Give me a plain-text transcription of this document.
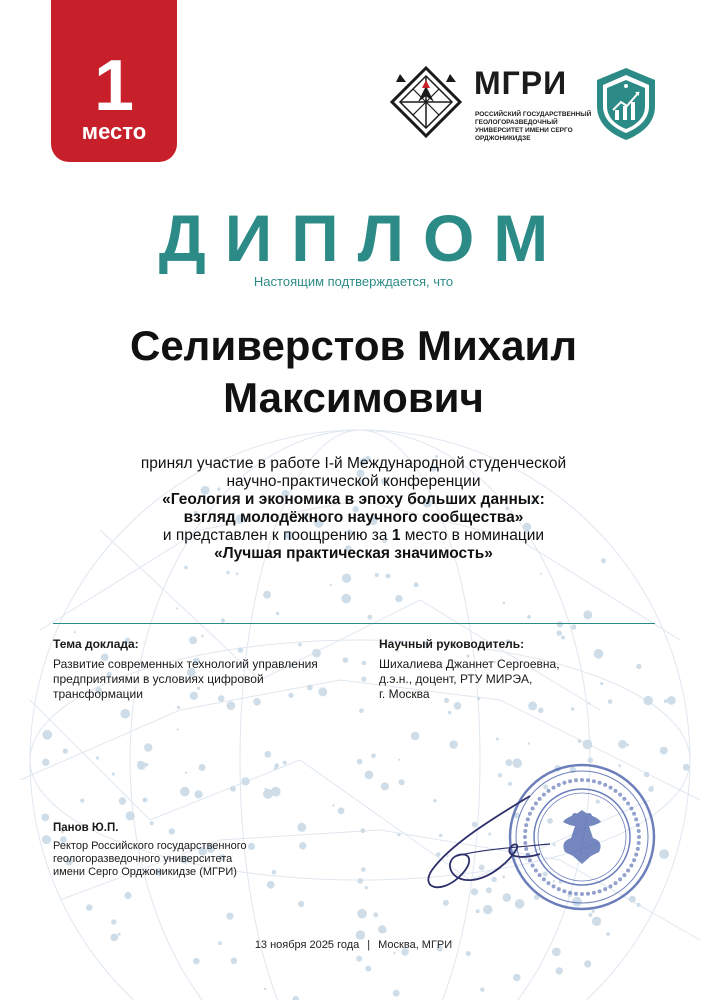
1
место
МГРИ
РОССИЙСКИЙ ГОСУДАРСТВЕННЫЙ ГЕОЛОГОРАЗВЕДОЧНЫЙ УНИВЕРСИТЕТ ИМЕНИ СЕРГО ОРДЖОНИКИДЗЕ
ДИПЛОМ
Настоящим подтверждается, что
Селиверстов Михаил Максимович
принял участие в работе I-й Международной студенческой
научно-практической конференции
«Геология и экономика в эпоху больших данных:
взгляд молодёжного научного сообщества»
и представлен к поощрению за 1 место в номинации
«Лучшая практическая значимость»
Тема доклада:
Развитие современных технологий управления предприятиями в условиях цифровой трансформации
Научный руководитель:
Шихалиева Джаннет Сергоевна,
д.э.н., доцент, РТУ МИРЭА,
г. Москва
Панов Ю.П.
Ректор Российского государственного
геологоразведочного университета
имени Серго Орджоникидзе (МГРИ)
13 ноября 2025 года | Москва, МГРИ
